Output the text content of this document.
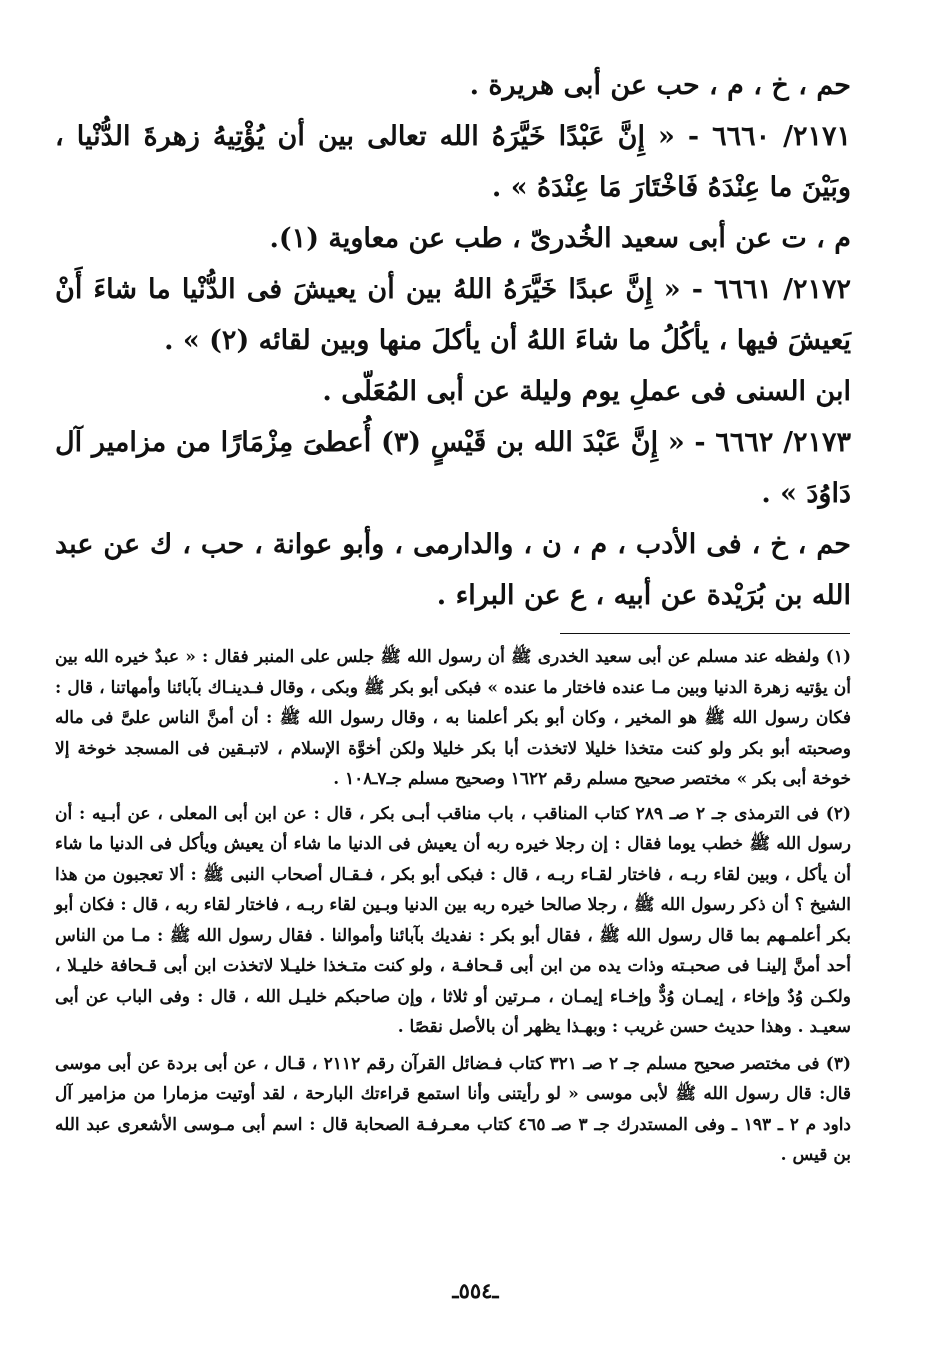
حم ، خ ، م ، حب عن أبى هريرة .

٢١٧١/ ٦٦٦٠ - « إِنَّ عَبْدًا خَيَّرَهُ الله تعالى بين أن يُؤْتِيهُ زهرةَ الدُّنْيا ، وبَيْنَ ما عِنْدَهُ فَاخْتَارَ مَا عِنْدَهُ » .

م ، ت عن أبى سعيد الخُدرىّ ، طب عن معاوية (١).

٢١٧٢/ ٦٦٦١ - « إِنَّ عبدًا خَيَّرَهُ اللهُ بين أن يعيشَ فى الدُّنْيا ما شاءَ أَنْ يَعيشَ فيها ، يأكُلُ ما شاءَ اللهُ أن يأكلَ منها وبين لقائه (٢) » .

ابن السنى فى عملِ يوم وليلة عن أبى المُعَلّى .

٢١٧٣/ ٦٦٦٢ - « إِنَّ عَبْدَ الله بن قَيْسٍ (٣) أُعطىَ مِزْمَارًا من مزامير آل دَاوُدَ » .

حم ، خ ، فى الأدب ، م ، ن ، والدارمى ، وأبو عوانة ، حب ، ك عن عبد الله بن بُرَيْدة عن أبيه ، ع عن البراء .

(١) ولفظه عند مسلم عن أبى سعيد الخدرى ﷺ أن رسول الله ﷺ جلس على المنبر فقال : « عبدٌ خيره الله بين أن يؤتيه زهرة الدنيا وبين مـا عنده فاختار ما عنده » فبكى أبو بكر ﷺ وبكى ، وقال فـدينـاك بآبائنا وأمهاتنا ، قال : فكان رسول الله ﷺ هو المخير ، وكان أبو بكر أعلمنا به ، وقال رسول الله ﷺ : أن أمنَّ الناس علىَّ فى ماله وصحبته أبو بكر ولو كنت متخذا خليلا لاتخذت أبا بكر خليلا ولكن أخوَّة الإسلام ، لاتبـقين فى المسجد خوخة إلا خوخة أبى بكر » مختصر صحيح مسلم رقم ١٦٢٢ وصحيح مسلم جـ٧ـ١٠٨ .

(٢) فى الترمذى جـ ٢ صـ ٢٨٩ كتاب المناقب ، باب مناقب أبـى بكر ، قال : عن ابن أبى المعلى ، عن أبـيه : أن رسول الله ﷺ خطب يوما فقال : إن رجلا خيره ربه أن يعيش فى الدنيا ما شاء أن يعيش ويأكل فى الدنيا ما شاء أن يأكل ، وبين لقاء ربـه ، فاختار لقـاء ربـه ، قال : فبكى أبو بكر ، فـقـال أصحاب النبى ﷺ : ألا تعجبون من هذا الشيخ ؟ أن ذكر رسول الله ﷺ ، رجلا صالحا خيره ربه بين الدنيا وبـين لقاء ربـه ، فاختار لقاء ربه ، قال : فكان أبو بكر أعلمـهم بما قال رسول الله ﷺ ، فقال أبو بكر : نفديك بآبائنا وأموالنا . فقال رسول الله ﷺ : مـا من الناس أحد أمنَّ إلينـا فى صحبـته وذات يده من ابن أبى قـحافـة ، ولو كنت متـخذا خليـلا لاتخذت ابن أبى قـحافة خليـلا ، ولكـن وُدٌ وإخاء ، إيمـان وُدٌّ وإخـاء إيمـان ، مـرتين أو ثلاثا ، وإن صاحبكم خليـل الله ، قال : وفى الباب عن أبى سعيـد . وهذا حديث حسن غريب : وبهـذا يظهر أن بالأصل نقصًا .

(٣) فى مختصر صحيح مسلم جـ ٢ صـ ٣٢١ كتاب فـضائل القرآن رقم ٢١١٢ ، قـال ، عن أبى بردة عن أبى موسى قال: قال رسول الله ﷺ لأبى موسى « لو رأيتنى وأنا استمع قراءتك البارحة ، لقد أوتيت مزمارا من مزامير آل داود م ٢ ـ ١٩٣ ـ وفى المستدرك جـ ٣ صـ ٤٦٥ كتاب معـرفـة الصحابة قال : اسم أبى مـوسى الأشعرى عبد الله بن قيس .

ـ٥٥٤ـ
